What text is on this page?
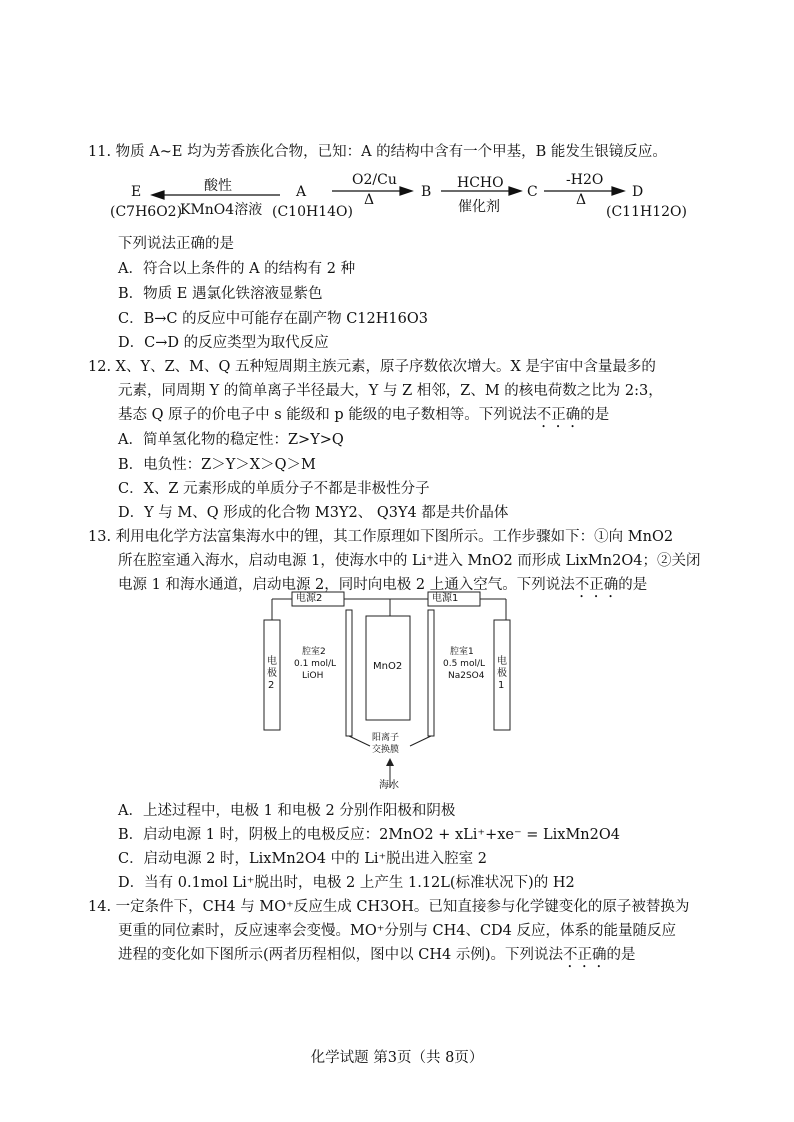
11. 物质 A~E 均为芳香族化合物，已知：A 的结构中含有一个甲基，B 能发生银镜反应。
E
(C7H6O2)
酸性
KMnO4溶液
A
(C10H14O)
O2/Cu
Δ	B
HCHO
催化剂
C
-H2O
Δ	D
(C11H12O)
下列说法正确的是
A．符合以上条件的 A 的结构有 2 种
B．物质 E 遇氯化铁溶液显紫色
C．B→C 的反应中可能存在副产物 C12H16O3
D．C→D 的反应类型为取代反应
12. X、Y、Z、M、Q 五种短周期主族元素，原子序数依次增大。X 是宇宙中含量最多的
元素，同周期 Y 的简单离子半径最大，Y 与 Z 相邻，Z、M 的核电荷数之比为 2:3，
基态 Q 原子的价电子中 s 能级和 p 能级的电子数相等。下列说法不正确的是
A．简单氢化物的稳定性：Z>Y>Q
B．电负性：Z＞Y＞X＞Q＞M
C．X、Z 元素形成的单质分子不都是非极性分子
D．Y 与 M、Q 形成的化合物 M3Y2、 Q3Y4 都是共价晶体
13. 利用电化学方法富集海水中的锂，其工作原理如下图所示。工作步骤如下：①向 MnO2
所在腔室通入海水，启动电源 1，使海水中的 Li⁺进入 MnO2 而形成 LixMn2O4；②关闭
电源 1 和海水通道，启动电源 2，同时向电极 2 上通入空气。下列说法不正确的是
电源2	电源1
电
极
2
电
极
1
腔室2
0.1 mol/L
LiOH
腔室1
0.5 mol/L
Na2SO4
MnO2
阳离子
交换膜
海水
A．上述过程中，电极 1 和电极 2 分别作阳极和阴极
B．启动电源 1 时，阴极上的电极反应：2MnO2 + xLi⁺+xe⁻ = LixMn2O4
C．启动电源 2 时，LixMn2O4 中的 Li⁺脱出进入腔室 2
D．当有 0.1mol Li⁺脱出时，电极 2 上产生 1.12L(标准状况下)的 H2
14. 一定条件下，CH4 与 MO⁺反应生成 CH3OH。已知直接参与化学键变化的原子被替换为
更重的同位素时，反应速率会变慢。MO⁺分别与 CH4、CD4 反应，体系的能量随反应
进程的变化如下图所示(两者历程相似，图中以 CH4 示例)。下列说法不正确的是
化学试题 第3页（共 8页）
